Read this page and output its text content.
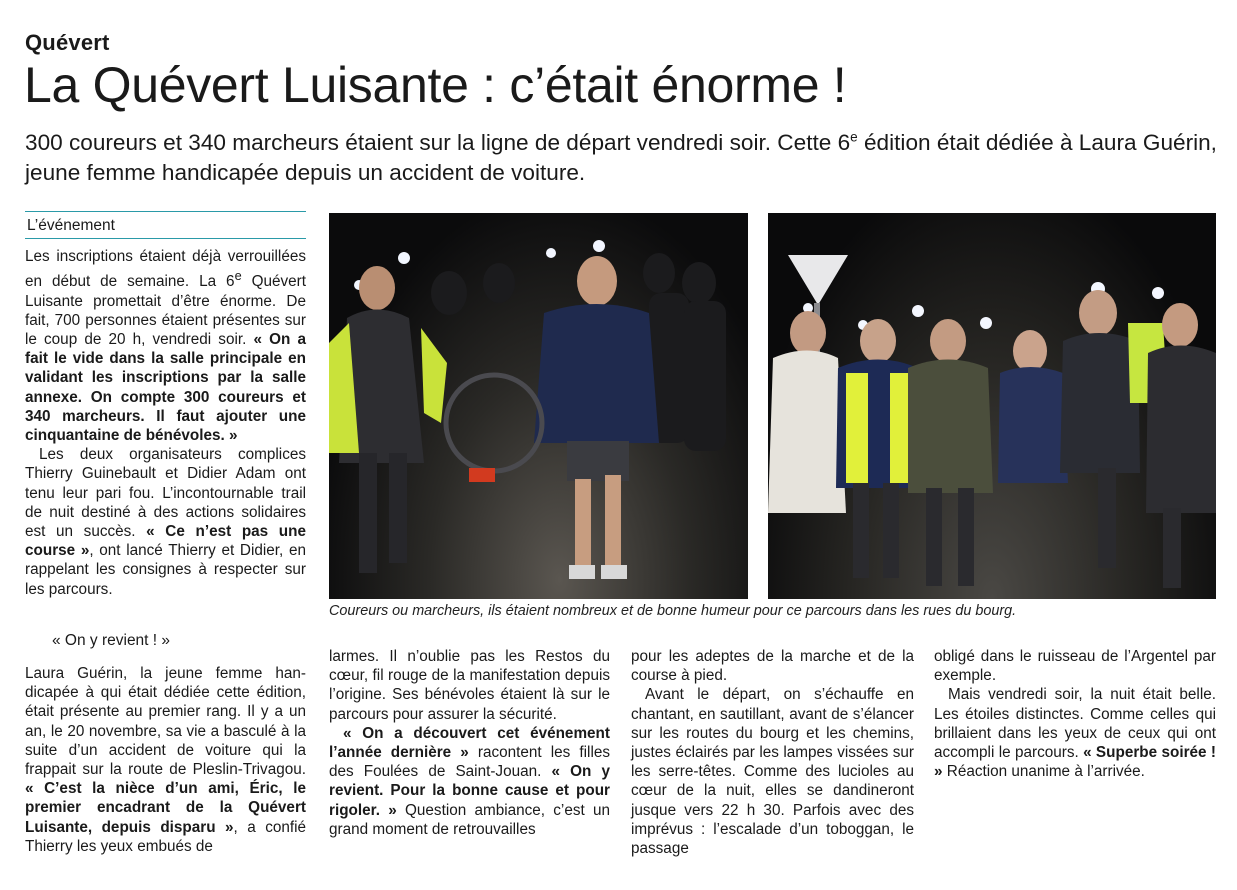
Quévert
La Quévert Luisante : c’était énorme !
300 coureurs et 340 marcheurs étaient sur la ligne de départ vendredi soir. Cette 6e édition était dédiée à Laura Guérin, jeune femme handicapée depuis un accident de voiture.
L’événement

Les inscriptions étaient déjà verrouillées en début de semaine. La 6e Quévert Luisante promettait d’être énorme. De fait, 700 personnes étaient présentes sur le coup de 20 h, vendredi soir. « On a fait le vide dans la salle principale en validant les inscriptions par la salle annexe. On compte 300 coureurs et 340 marcheurs. Il faut ajouter une cinquantaine de bénévoles. »

Les deux organisateurs complices Thierry Guinebault et Didier Adam ont tenu leur pari fou. L’incontournable trail de nuit destiné à des actions solidaires est un succès. « Ce n’est pas une course », ont lancé Thierry et Didier, en rappelant les consignes à respecter sur les parcours.

« On y revient ! »
Coureurs ou marcheurs, ils étaient nombreux et de bonne humeur pour ce parcours dans les rues du bourg.

Laura Guérin, la jeune femme handicapée à qui était dédiée cette édition, était présente au premier rang. Il y a un an, le 20 novembre, sa vie a basculé à la suite d’un accident de voiture qui la frappait sur la route de Pleslin-Trivagou. « C’est la nièce d’un ami, Éric, le premier encadrant de la Quévert Luisante, depuis disparu », a confié Thierry les yeux embués de

larmes. Il n’oublie pas les Restos du cœur, fil rouge de la manifestation depuis l’origine. Ses bénévoles étaient là sur le parcours pour assurer la sécurité.

« On a découvert cet événement l’année dernière » racontent les filles des Foulées de Saint-Jouan. « On y revient. Pour la bonne cause et pour rigoler. » Question ambiance, c’est un grand moment de retrouvailles

pour les adeptes de la marche et de la course à pied.

Avant le départ, on s’échauffe en chantant, en sautillant, avant de s’élancer sur les routes du bourg et les chemins, justes éclairés par les lampes vissées sur les serre-têtes. Comme des lucioles au cœur de la nuit, elles se dandineront jusque vers 22 h 30. Parfois avec des imprévus : l’escalade d’un toboggan, le passage

obligé dans le ruisseau de l’Argentel par exemple.

Mais vendredi soir, la nuit était belle. Les étoiles distinctes. Comme celles qui brillaient dans les yeux de ceux qui ont accompli le parcours. « Superbe soirée ! » Réaction unanime à l’arrivée.
